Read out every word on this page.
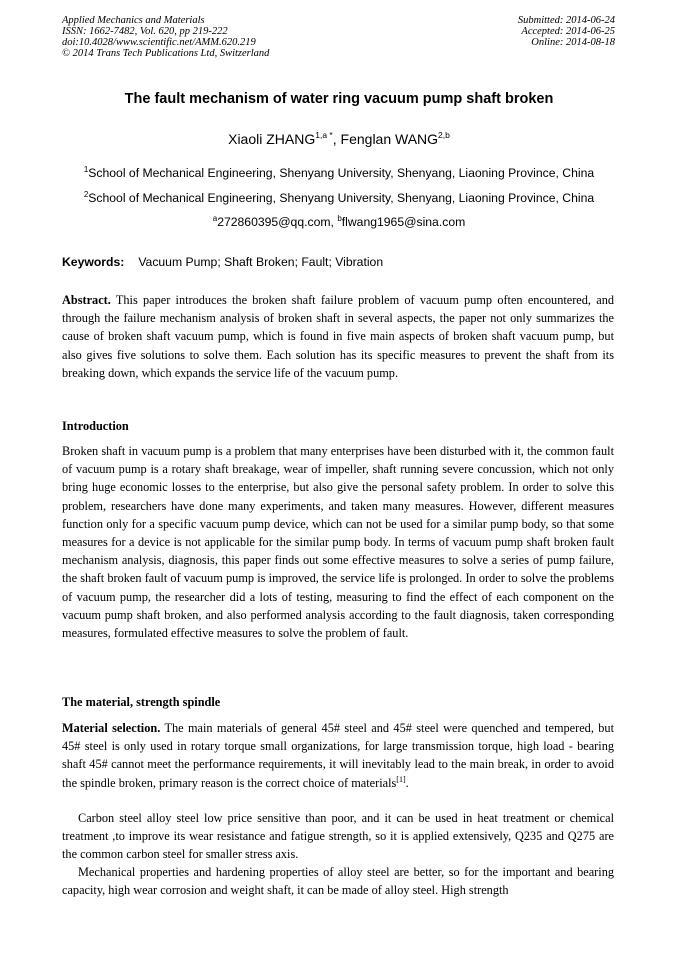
Applied Mechanics and Materials
ISSN: 1662-7482, Vol. 620, pp 219-222
doi:10.4028/www.scientific.net/AMM.620.219
© 2014 Trans Tech Publications Ltd, Switzerland
Submitted: 2014-06-24
Accepted: 2014-06-25
Online: 2014-08-18
The fault mechanism of water ring vacuum pump shaft broken
Xiaoli $ZHANG^{1,a *}$, Fenglan WANG$^{2,b}$
$^1$School of Mechanical Engineering, Shenyang University, Shenyang, Liaoning Province, China
$^2$School of Mechanical Engineering, Shenyang University, Shenyang, Liaoning Province, China
$^a$272860395@qq.com, $^b$flwang1965@sina.com
Keywords: Vacuum Pump; Shaft Broken; Fault; Vibration
Abstract. This paper introduces the broken shaft failure problem of vacuum pump often encountered, and through the failure mechanism analysis of broken shaft in several aspects, the paper not only summarizes the cause of broken shaft vacuum pump, which is found in five main aspects of broken shaft vacuum pump, but also gives five solutions to solve them. Each solution has its specific measures to prevent the shaft from its breaking down, which expands the service life of the vacuum pump.
Introduction
Broken shaft in vacuum pump is a problem that many enterprises have been disturbed with it, the common fault of vacuum pump is a rotary shaft breakage, wear of impeller, shaft running severe concussion, which not only bring huge economic losses to the enterprise, but also give the personal safety problem. In order to solve this problem, researchers have done many experiments, and taken many measures. However, different measures function only for a specific vacuum pump device, which can not be used for a similar pump body, so that some measures for a device is not applicable for the similar pump body. In terms of vacuum pump shaft broken fault mechanism analysis, diagnosis, this paper finds out some effective measures to solve a series of pump failure, the shaft broken fault of vacuum pump is improved, the service life is prolonged. In order to solve the problems of vacuum pump, the researcher did a lots of testing, measuring to find the effect of each component on the vacuum pump shaft broken, and also performed analysis according to the fault diagnosis, taken corresponding measures, formulated effective measures to solve the problem of fault.
The material, strength spindle
Material selection. The main materials of general 45# steel and 45# steel were quenched and tempered, but 45# steel is only used in rotary torque small organizations, for large transmission torque, high load - bearing shaft 45# cannot meet the performance requirements, it will inevitably lead to the main break, in order to avoid the spindle broken, primary reason is the correct choice of materials[1].
Carbon steel alloy steel low price sensitive than poor, and it can be used in heat treatment or chemical treatment ,to improve its wear resistance and fatigue strength, so it is applied extensively, Q235 and Q275 are the common carbon steel for smaller stress axis.
Mechanical properties and hardening properties of alloy steel are better, so for the important and bearing capacity, high wear corrosion and weight shaft, it can be made of alloy steel. High strength
